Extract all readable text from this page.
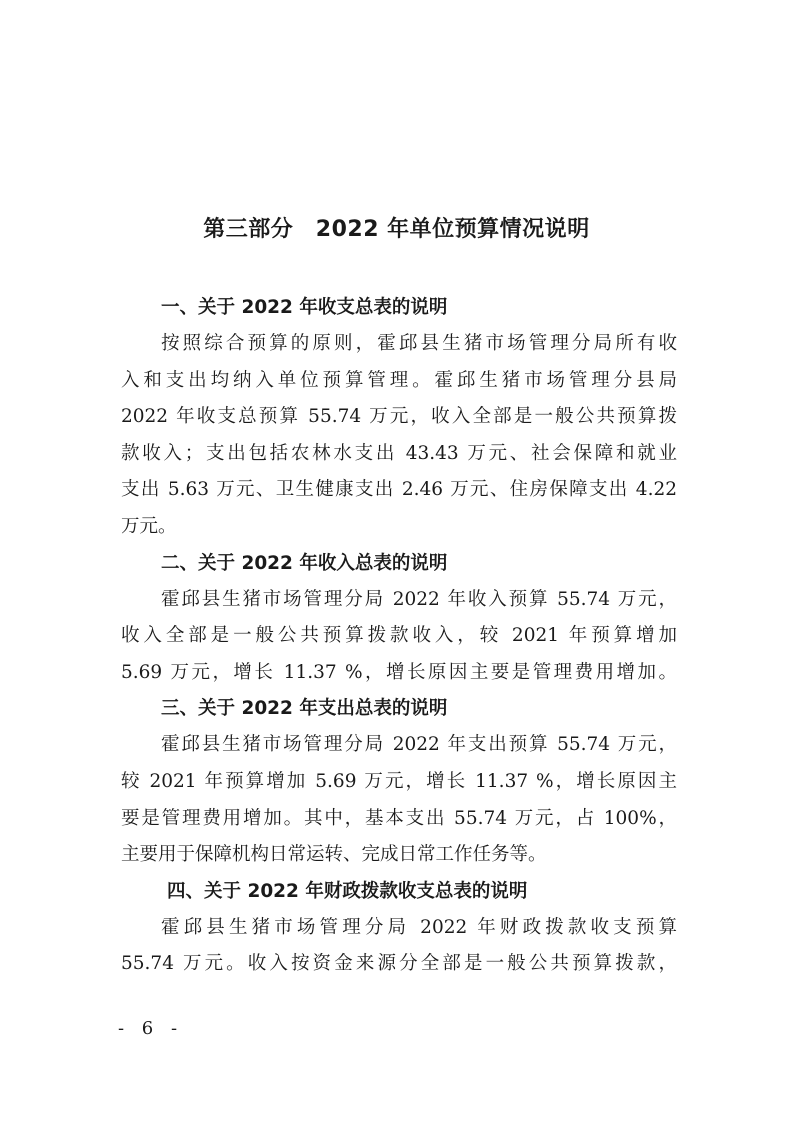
第三部分　2022 年单位预算情况说明

一、关于 2022 年收支总表的说明

按照综合预算的原则，霍邱县生猪市场管理分局所有收
入和支出均纳入单位预算管理。霍邱生猪市场管理分县局
2022 年收支总预算 55.74 万元，收入全部是一般公共预算拨
款收入；支出包括农林水支出 43.43 万元、社会保障和就业
支出 5.63 万元、卫生健康支出 2.46 万元、住房保障支出 4.22
万元。

二、关于 2022 年收入总表的说明

霍邱县生猪市场管理分局 2022 年收入预算 55.74 万元，
收入全部是一般公共预算拨款收入，较 2021 年预算增加
5.69 万元，增长 11.37 %，增长原因主要是管理费用增加。

三、关于 2022 年支出总表的说明

霍邱县生猪市场管理分局 2022 年支出预算 55.74 万元，
较 2021 年预算增加 5.69 万元，增长 11.37 %，增长原因主
要是管理费用增加。其中，基本支出 55.74 万元，占 100%，
主要用于保障机构日常运转、完成日常工作任务等。

四、关于 2022 年财政拨款收支总表的说明

霍邱县生猪市场管理分局 2022 年财政拨款收支预算
55.74 万元。收入按资金来源分全部是一般公共预算拨款，

- 6 -
